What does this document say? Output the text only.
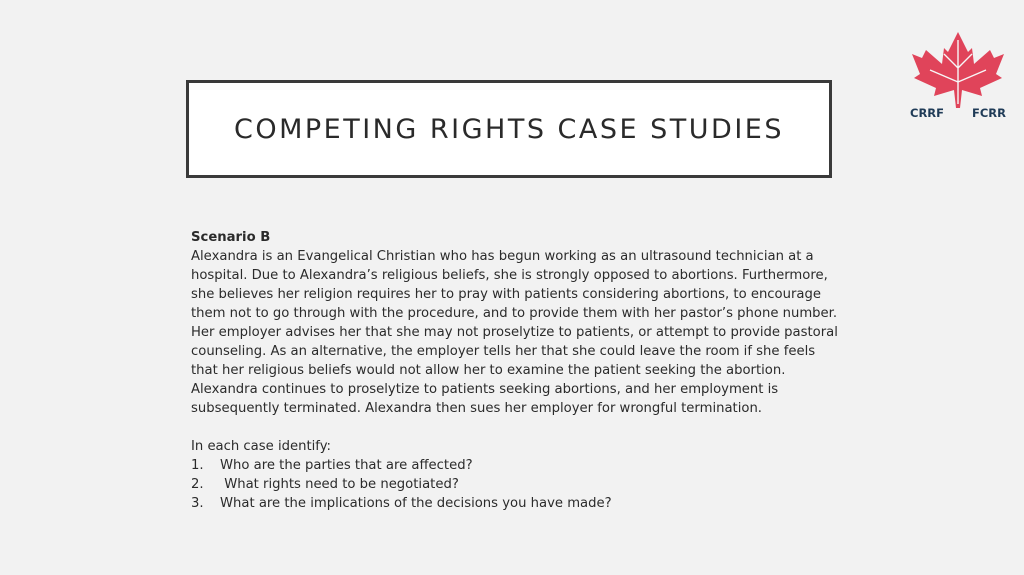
CRRF FCRR
COMPETING RIGHTS CASE STUDIES

Scenario B

Alexandra is an Evangelical Christian who has begun working as an ultrasound technician at a hospital. Due to Alexandra’s religious beliefs, she is strongly opposed to abortions. Furthermore, she believes her religion requires her to pray with patients considering abortions, to encourage them not to go through with the procedure, and to provide them with her pastor’s phone number. Her employer advises her that she may not proselytize to patients, or attempt to provide pastoral counseling. As an alternative, the employer tells her that she could leave the room if she feels that her religious beliefs would not allow her to examine the patient seeking the abortion. Alexandra continues to proselytize to patients seeking abortions, and her employment is subsequently terminated. Alexandra then sues her employer for wrongful termination.

In each case identify:

1.	Who are the parties that are affected?
2.	What rights need to be negotiated?
3.	What are the implications of the decisions you have made?
